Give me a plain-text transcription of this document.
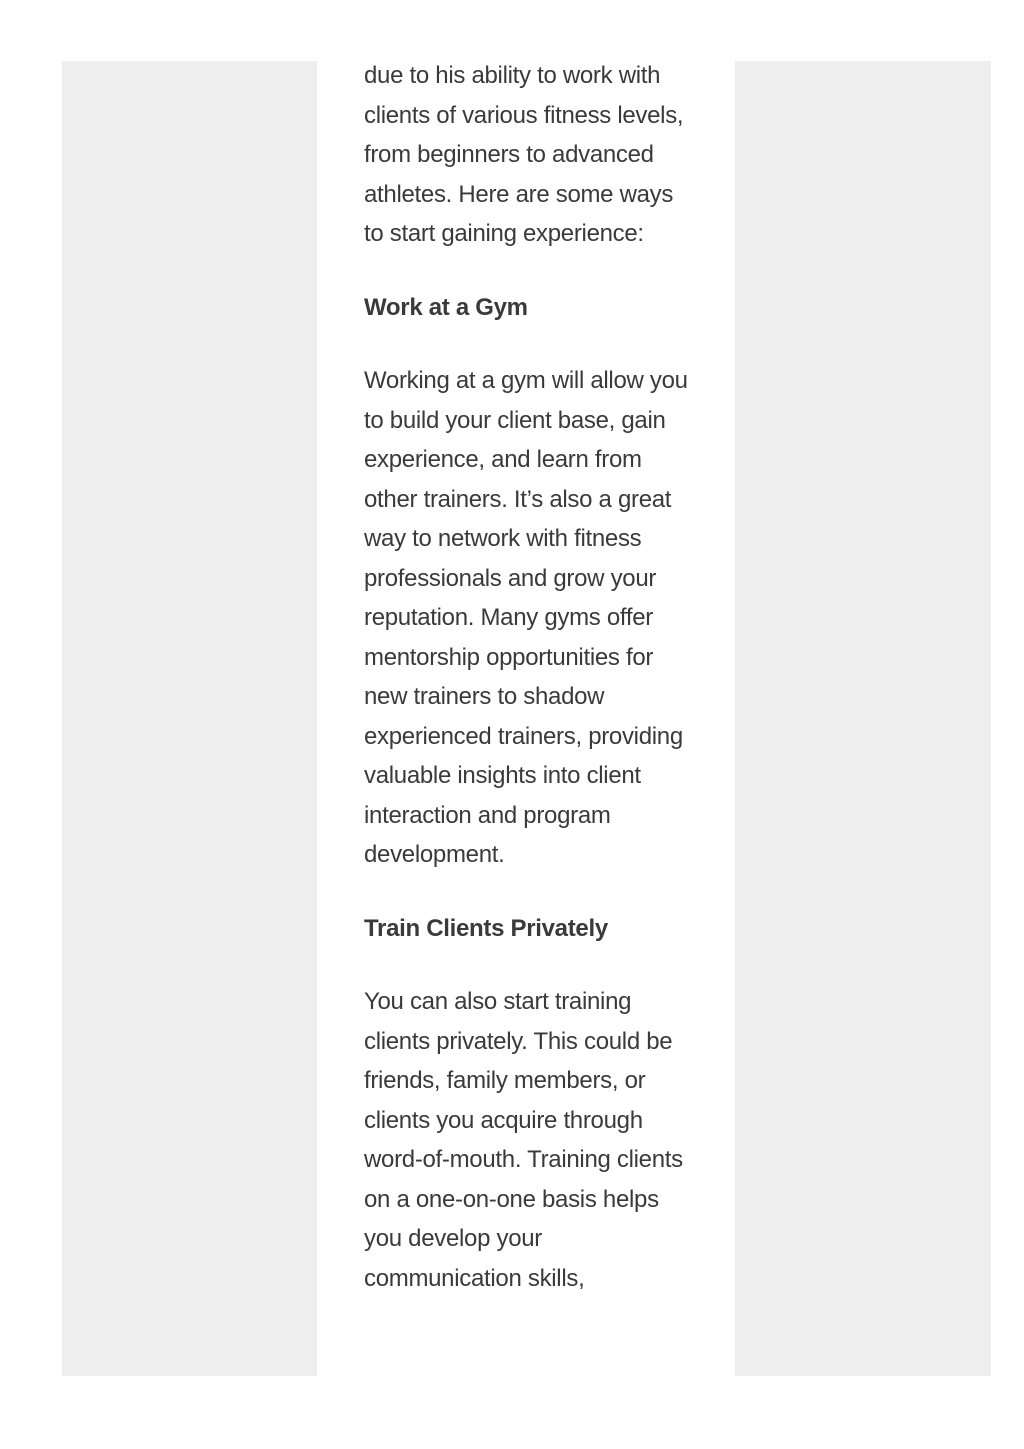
due to his ability to work with clients of various fitness levels, from beginners to advanced athletes. Here are some ways to start gaining experience:

Work at a Gym

Working at a gym will allow you to build your client base, gain experience, and learn from other trainers. It’s also a great way to network with fitness professionals and grow your reputation. Many gyms offer mentorship opportunities for new trainers to shadow experienced trainers, providing valuable insights into client interaction and program development.

Train Clients Privately

You can also start training clients privately. This could be friends, family members, or clients you acquire through word-of-mouth. Training clients on a one-on-one basis helps you develop your communication skills,
